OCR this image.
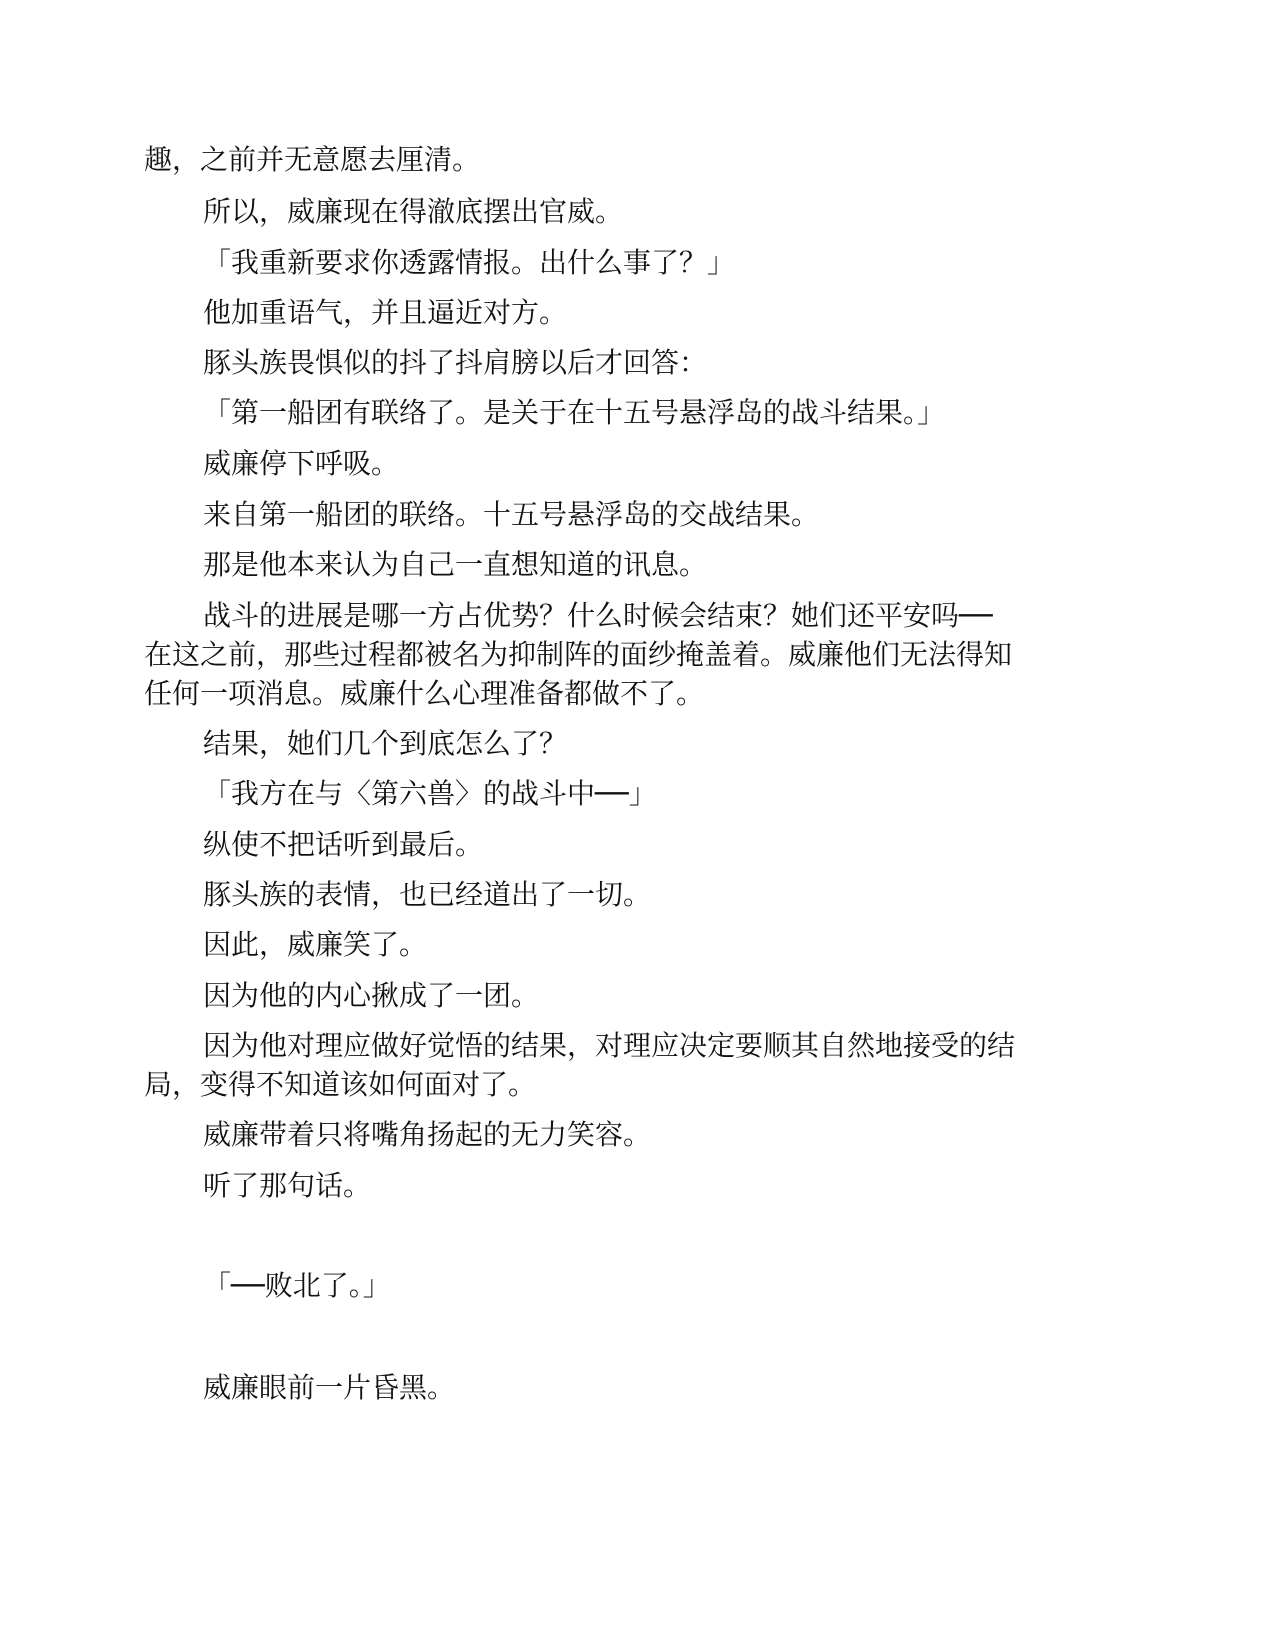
趣，之前并无意愿去厘清。

所以，威廉现在得澈底摆出官威。

「我重新要求你透露情报。出什么事了？」

他加重语气，并且逼近对方。

豚头族畏惧似的抖了抖肩膀以后才回答：

「第一船团有联络了。是关于在十五号悬浮岛的战斗结果。」

威廉停下呼吸。

来自第一船团的联络。十五号悬浮岛的交战结果。

那是他本来认为自己一直想知道的讯息。

战斗的进展是哪一方占优势？什么时候会结束？她们还平安吗──

在这之前，那些过程都被名为抑制阵的面纱掩盖着。威廉他们无法得知

任何一项消息。威廉什么心理准备都做不了。

结果，她们几个到底怎么了？

「我方在与〈第六兽〉的战斗中──」

纵使不把话听到最后。

豚头族的表情，也已经道出了一切。

因此，威廉笑了。

因为他的内心揪成了一团。

因为他对理应做好觉悟的结果，对理应决定要顺其自然地接受的结

局，变得不知道该如何面对了。

威廉带着只将嘴角扬起的无力笑容。

听了那句话。

「──败北了。」

威廉眼前一片昏黑。
